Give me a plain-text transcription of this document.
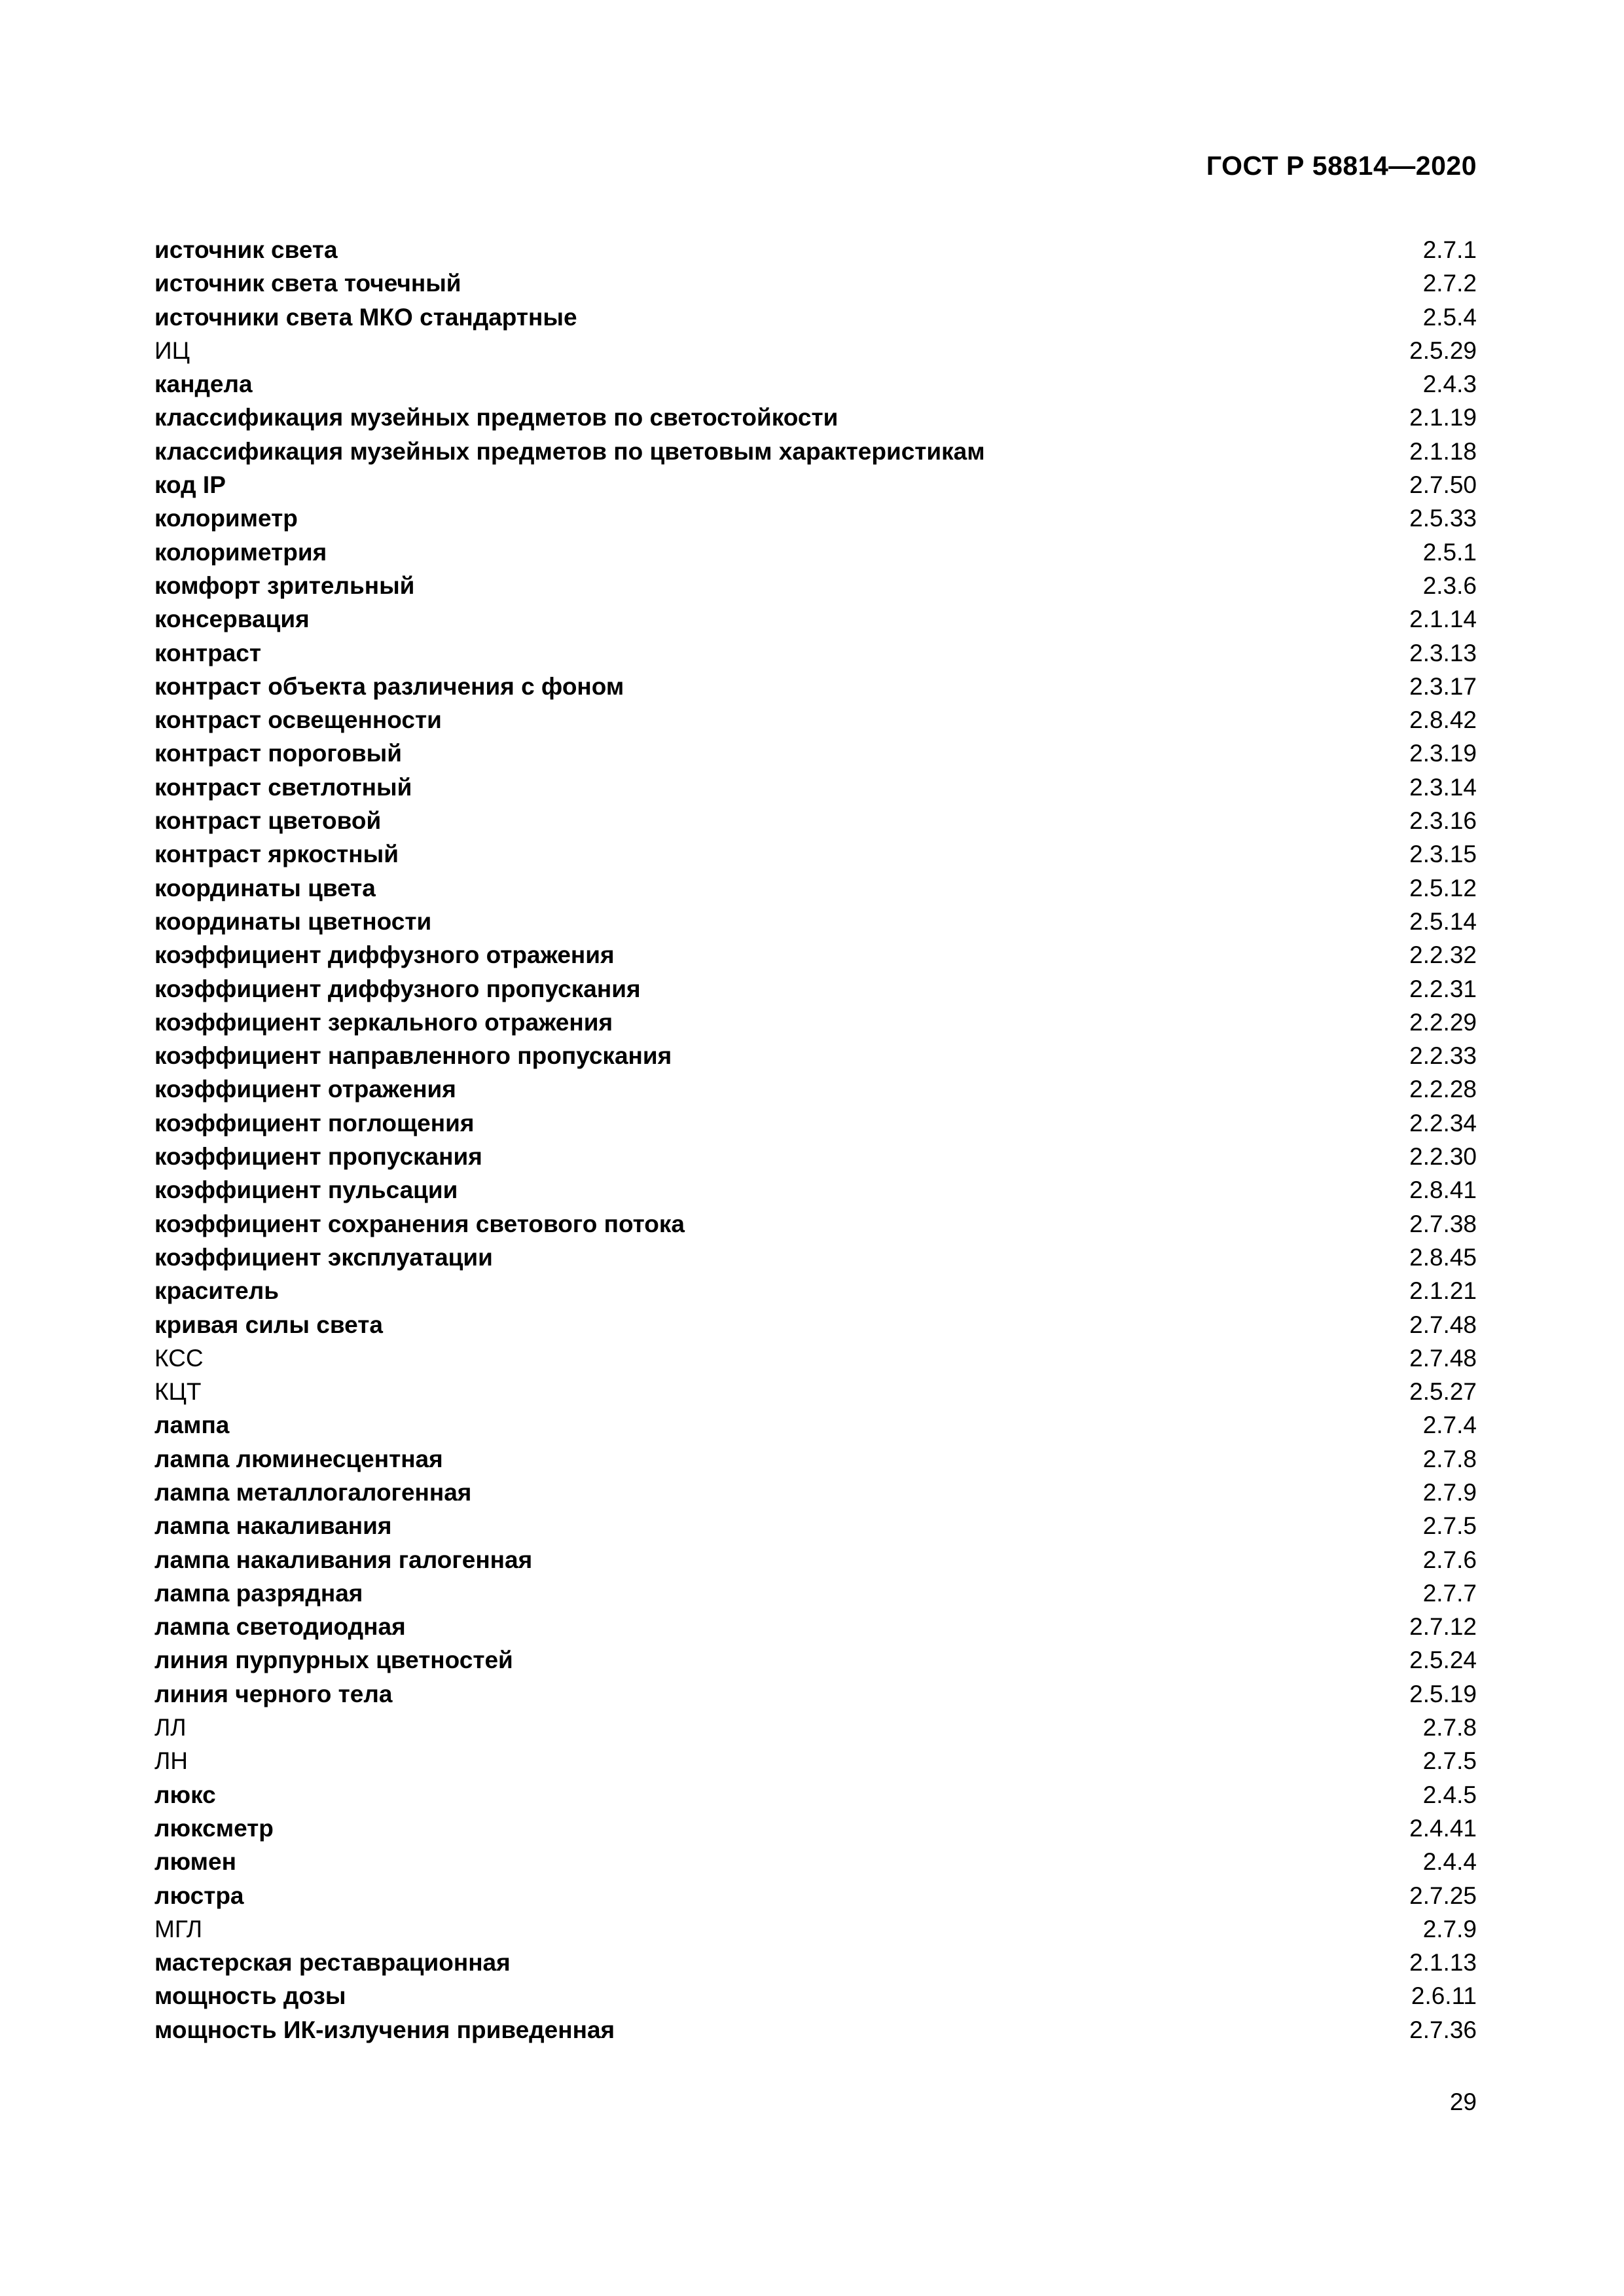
ГОСТ Р 58814—2020
источник света	2.7.1
источник света точечный	2.7.2
источники света МКО стандартные	2.5.4
ИЦ	2.5.29
кандела	2.4.3
классификация музейных предметов по светостойкости	2.1.19
классификация музейных предметов по цветовым характеристикам	2.1.18
код IP	2.7.50
колориметр	2.5.33
колориметрия	2.5.1
комфорт зрительный	2.3.6
консервация	2.1.14
контраст	2.3.13
контраст объекта различения с фоном	2.3.17
контраст освещенности	2.8.42
контраст пороговый	2.3.19
контраст светлотный	2.3.14
контраст цветовой	2.3.16
контраст яркостный	2.3.15
координаты цвета	2.5.12
координаты цветности	2.5.14
коэффициент диффузного отражения	2.2.32
коэффициент диффузного пропускания	2.2.31
коэффициент зеркального отражения	2.2.29
коэффициент направленного пропускания	2.2.33
коэффициент отражения	2.2.28
коэффициент поглощения	2.2.34
коэффициент пропускания	2.2.30
коэффициент пульсации	2.8.41
коэффициент сохранения светового потока	2.7.38
коэффициент эксплуатации	2.8.45
краситель	2.1.21
кривая силы света	2.7.48
КСС	2.7.48
КЦТ	2.5.27
лампа	2.7.4
лампа люминесцентная	2.7.8
лампа металлогалогенная	2.7.9
лампа накаливания	2.7.5
лампа накаливания галогенная	2.7.6
лампа разрядная	2.7.7
лампа светодиодная	2.7.12
линия пурпурных цветностей	2.5.24
линия черного тела	2.5.19
ЛЛ	2.7.8
ЛН	2.7.5
люкс	2.4.5
люксметр	2.4.41
люмен	2.4.4
люстра	2.7.25
МГЛ	2.7.9
мастерская реставрационная	2.1.13
мощность дозы	2.6.11
мощность ИК-излучения приведенная	2.7.36
29
